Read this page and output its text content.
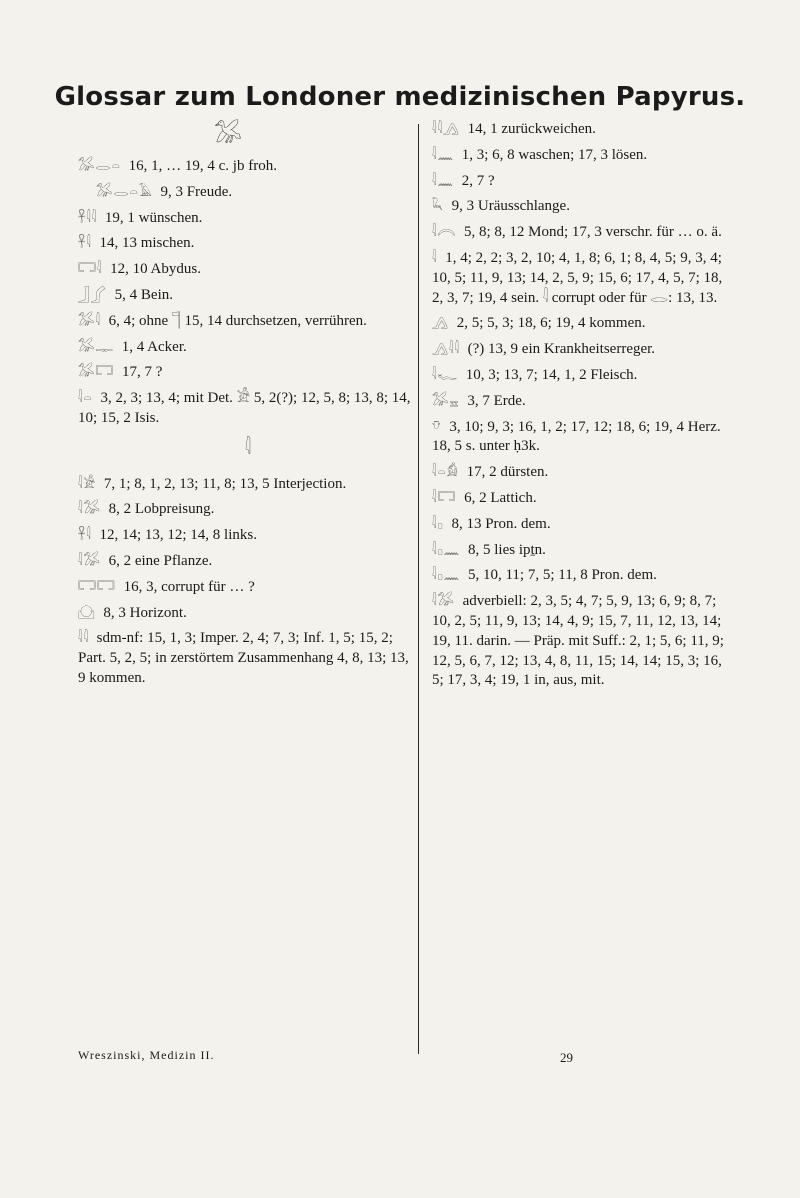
Glossar zum Londoner medizinischen Papyrus.
𓅮
𓅮𓂋𓏏 16, 1, … 19, 4 c. jb froh.
𓅮𓂋𓏏𓄿 9, 3 Freude.
𓋹𓇋𓇋 19, 1 wünschen.
𓋹𓇋 14, 13 mischen.
𓉐𓇋 12, 10 Abydus.
𓃀𓂾 5, 4 Bein.
𓅮𓇋 6, 4; ohne 𓊹 15, 14 durchsetzen, verrühren.
𓅮𓊃 1, 4 Acker.
𓅮𓉐 17, 7 ?
𓇋𓏏 3, 2, 3; 13, 4; mit Det. 𓀀 5, 2(?); 12, 5, 8; 13, 8; 14, 10; 15, 2 Isis.
𓇋
𓇋𓀀 7, 1; 8, 1, 2, 13; 11, 8; 13, 5 Interjection.
𓇋𓅮 8, 2 Lobpreisung.
𓋹𓇋 12, 14; 13, 12; 14, 8 links.
𓇋𓅮 6, 2 eine Pflanze.
𓉐𓉐 16, 3, corrupt für … ?
𓈌 8, 3 Horizont.
𓇋𓇋 sdm-nf: 15, 1, 3; Imper. 2, 4; 7, 3; Inf. 1, 5; 15, 2; Part. 5, 2, 5; in zerstörtem Zusammenhang 4, 8, 13; 13, 9 kommen.
𓇋𓇋𓂻 14, 1 zurückweichen.
𓇋𓈖 1, 3; 6, 8 waschen; 17, 3 lösen.
𓇋𓈖 2, 7 ?
𓆗 9, 3 Uräusschlange.
𓇋𓇹 5, 8; 8, 12 Mond; 17, 3 verschr. für … o. ä.
𓇋 1, 4; 2, 2; 3, 2, 10; 4, 1, 8; 6, 1; 8, 4, 5; 9, 3, 4; 10, 5; 11, 9, 13; 14, 2, 5, 9; 15, 6; 17, 4, 5, 7; 18, 2, 3, 7; 19, 4 sein. 𓇋 corrupt oder für 𓂋: 13, 13.
𓂻 2, 5; 5, 3; 18, 6; 19, 4 kommen.
𓂻𓇋𓇋 (?) 13, 9 ein Krankheitserreger.
𓇋𓆑 10, 3; 13, 7; 14, 1, 2 Fleisch.
𓅮𓈇 3, 7 Erde.
𓄣 3, 10; 9, 3; 16, 1, 2; 17, 12; 18, 6; 19, 4 Herz. 18, 5 s. unter ḥ3k.
𓇋𓏏𓀁 17, 2 dürsten.
𓇋𓉐 6, 2 Lattich.
𓇋𓊪 8, 13 Pron. dem.
𓇋𓊪𓈖 8, 5 lies ipṯn.
𓇋𓊪𓈖 5, 10, 11; 7, 5; 11, 8 Pron. dem.
𓇋𓅮 adverbiell: 2, 3, 5; 4, 7; 5, 9, 13; 6, 9; 8, 7; 10, 2, 5; 11, 9, 13; 14, 4, 9; 15, 7, 11, 12, 13, 14; 19, 11. darin. — Präp. mit Suff.: 2, 1; 5, 6; 11, 9; 12, 5, 6, 7, 12; 13, 4, 8, 11, 15; 14, 14; 15, 3; 16, 5; 17, 3, 4; 19, 1 in, aus, mit.
Wreszinski, Medizin II.	29
